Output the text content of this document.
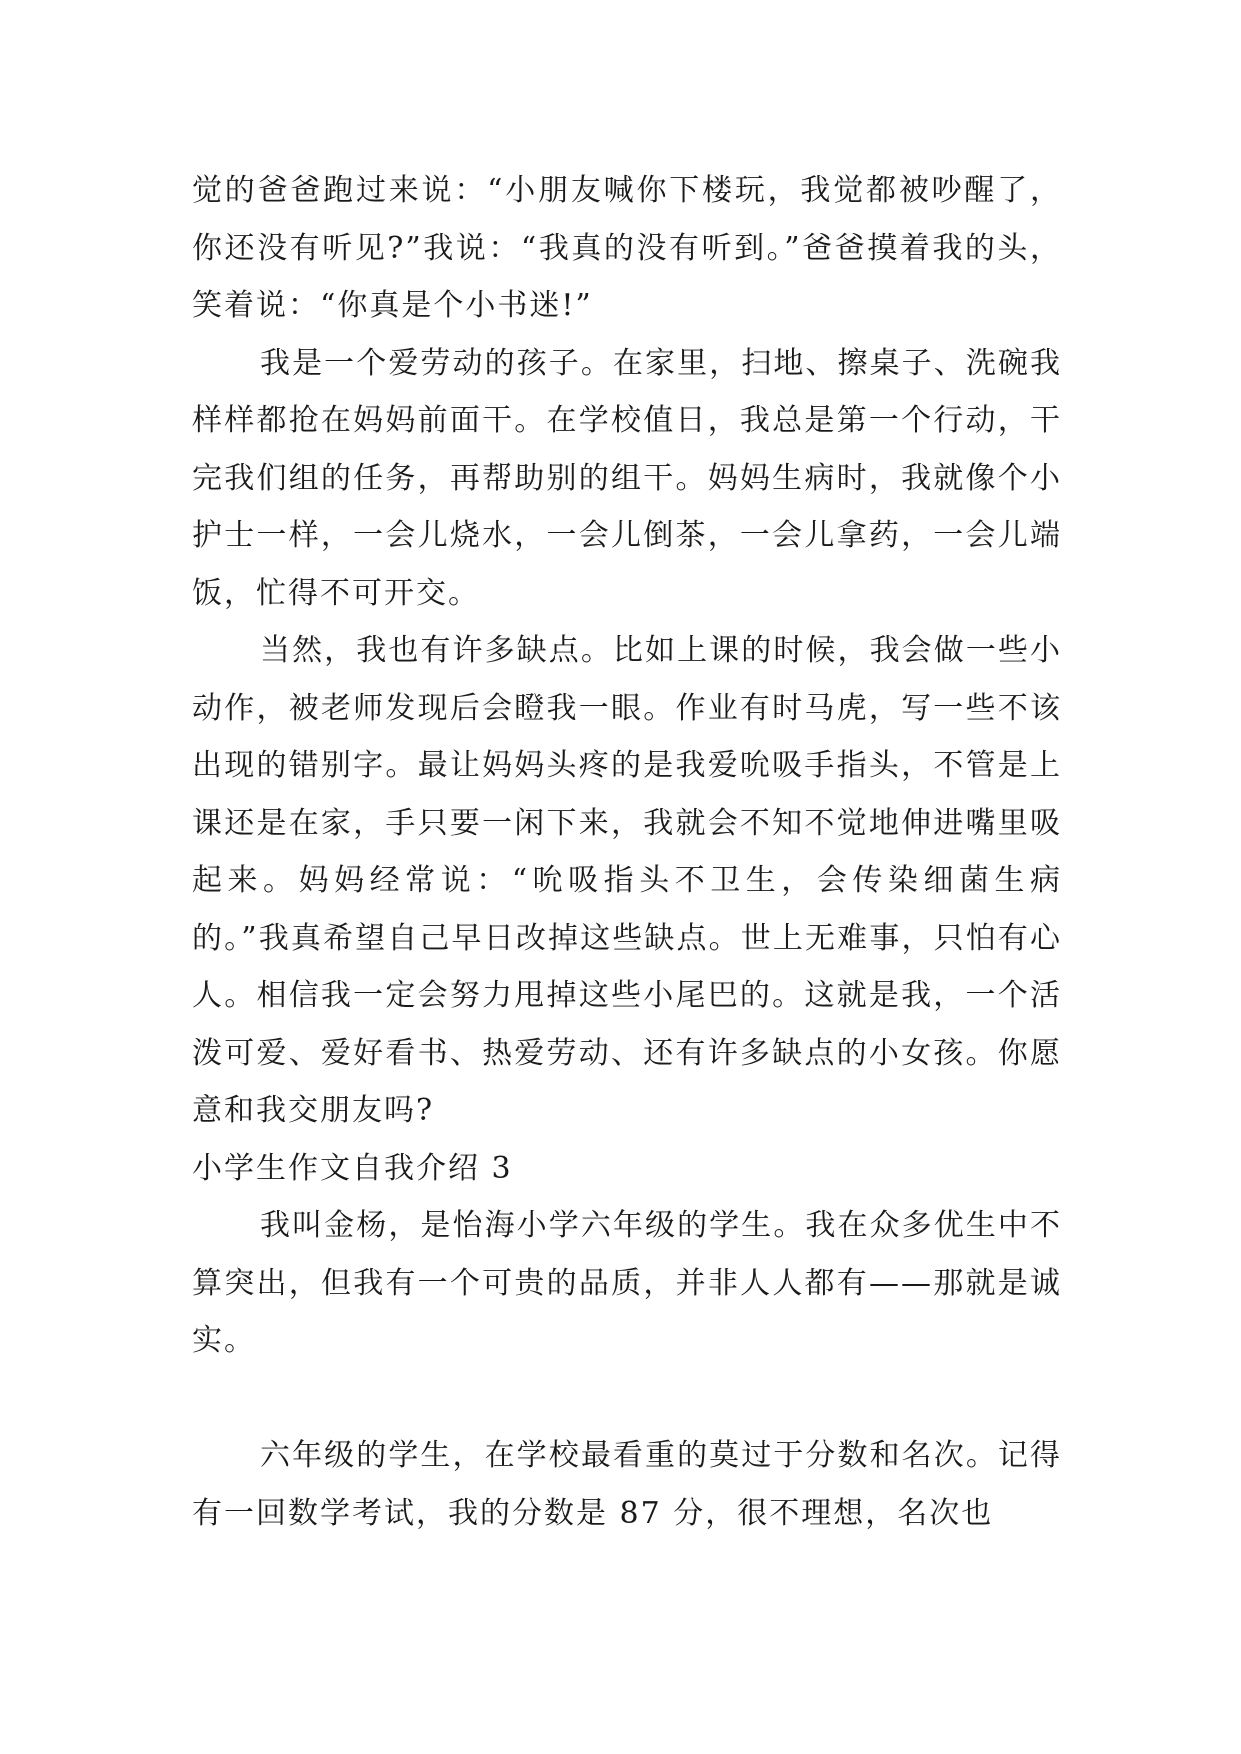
觉的爸爸跑过来说：“小朋友喊你下楼玩，我觉都被吵醒了，你还没有听见?”我说：“我真的没有听到。”爸爸摸着我的头，笑着说：“你真是个小书迷!”

我是一个爱劳动的孩子。在家里，扫地、擦桌子、洗碗我样样都抢在妈妈前面干。在学校值日，我总是第一个行动，干完我们组的任务，再帮助别的组干。妈妈生病时，我就像个小护士一样，一会儿烧水，一会儿倒茶，一会儿拿药，一会儿端饭，忙得不可开交。

当然，我也有许多缺点。比如上课的时候，我会做一些小动作，被老师发现后会瞪我一眼。作业有时马虎，写一些不该出现的错别字。最让妈妈头疼的是我爱吮吸手指头，不管是上课还是在家，手只要一闲下来，我就会不知不觉地伸进嘴里吸起来。妈妈经常说：“吮吸指头不卫生，会传染细菌生病的。”我真希望自己早日改掉这些缺点。世上无难事，只怕有心人。相信我一定会努力甩掉这些小尾巴的。这就是我，一个活泼可爱、爱好看书、热爱劳动、还有许多缺点的小女孩。你愿意和我交朋友吗?

小学生作文自我介绍 3

我叫金杨，是怡海小学六年级的学生。我在众多优生中不算突出，但我有一个可贵的品质，并非人人都有——那就是诚实。

六年级的学生，在学校最看重的莫过于分数和名次。记得有一回数学考试，我的分数是 87 分，很不理想，名次也
